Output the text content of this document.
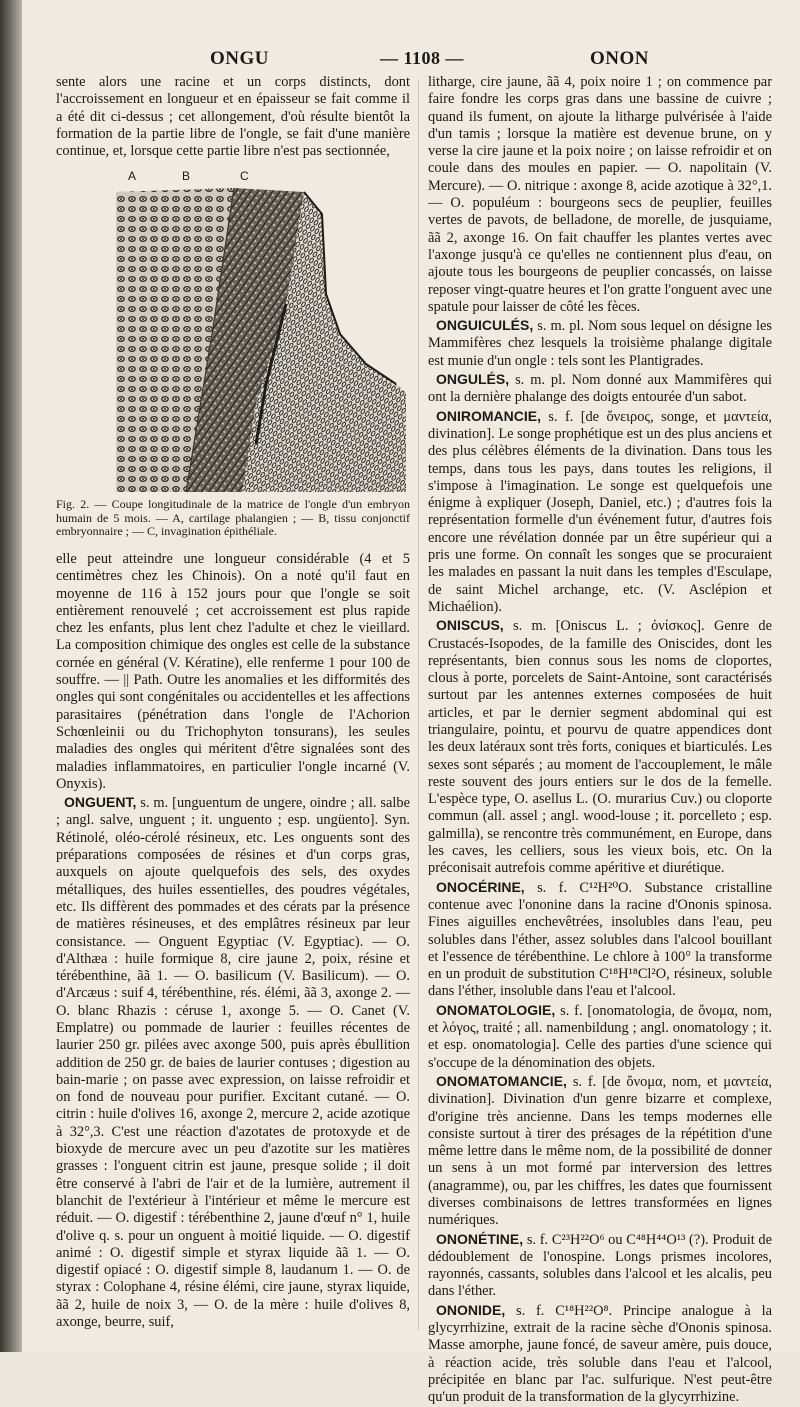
ONGU	— 1108 —	ONON

sente alors une racine et un corps distincts, dont l'accroissement en longueur et en épaisseur se fait comme il a été dit ci-dessus ; cet allongement, d'où résulte bientôt la formation de la partie libre de l'ongle, se fait d'une manière continue, et, lorsque cette partie libre n'est pas sectionnée,

A	B	C
Fig. 2. — Coupe longitudinale de la matrice de l'ongle d'un embryon humain de 5 mois. — A, cartilage phalangien ; — B, tissu conjonctif embryonnaire ; — C, invagination épithéliale.

elle peut atteindre une longueur considérable (4 et 5 centimètres chez les Chinois). On a noté qu'il faut en moyenne de 116 à 152 jours pour que l'ongle se soit entièrement renouvelé ; cet accroissement est plus rapide chez les enfants, plus lent chez l'adulte et chez le vieillard. La composition chimique des ongles est celle de la substance cornée en général (V. Kératine), elle renferme 1 pour 100 de souffre. — || Path. Outre les anomalies et les difformités des ongles qui sont congénitales ou accidentelles et les affections parasitaires (pénétration dans l'ongle de l'Achorion Schœnleinii ou du Trichophyton tonsurans), les seules maladies des ongles qui méritent d'être signalées sont des maladies inflammatoires, en particulier l'ongle incarné (V. Onyxis).

ONGUENT, s. m. [unguentum de ungere, oindre ; all. salbe ; angl. salve, unguent ; it. unguento ; esp. ungüento]. Syn. Rétinolé, oléo-cérolé résineux, etc. Les onguents sont des préparations composées de résines et d'un corps gras, auxquels on ajoute quelquefois des sels, des oxydes métalliques, des huiles essentielles, des poudres végétales, etc. Ils diffèrent des pommades et des cérats par la présence de matières résineuses, et des emplâtres résineux par leur consistance. — Onguent Egyptiac (V. Egyptiac). — O. d'Althæa : huile formique 8, cire jaune 2, poix, résine et térébenthine, ãã 1. — O. basilicum (V. Basilicum). — O. d'Arcæus : suif 4, térébenthine, rés. élémi, ãã 3, axonge 2. — O. blanc Rhazis : céruse 1, axonge 5. — O. Canet (V. Emplatre) ou pommade de laurier : feuilles récentes de laurier 250 gr. pilées avec axonge 500, puis après ébullition addition de 250 gr. de baies de laurier contuses ; digestion au bain-marie ; on passe avec expression, on laisse refroidir et on fond de nouveau pour purifier. Excitant cutané. — O. citrin : huile d'olives 16, axonge 2, mercure 2, acide azotique à 32°,3. C'est une réaction d'azotates de protoxyde et de bioxyde de mercure avec un peu d'azotite sur les matières grasses : l'onguent citrin est jaune, presque solide ; il doit être conservé à l'abri de l'air et de la lumière, autrement il blanchit de l'extérieur à l'intérieur et même le mercure est réduit. — O. digestif : térébenthine 2, jaune d'œuf n° 1, huile d'olive q. s. pour un onguent à moitié liquide. — O. digestif animé : O. digestif simple et styrax liquide ãã 1. — O. digestif opiacé : O. digestif simple 8, laudanum 1. — O. de styrax : Colophane 4, résine élémi, cire jaune, styrax liquide, ãã 2, huile de noix 3, — O. de la mère : huile d'olives 8, axonge, beurre, suif,

litharge, cire jaune, ãã 4, poix noire 1 ; on commence par faire fondre les corps gras dans une bassine de cuivre ; quand ils fument, on ajoute la litharge pulvérisée à l'aide d'un tamis ; lorsque la matière est devenue brune, on y verse la cire jaune et la poix noire ; on laisse refroidir et on coule dans des moules en papier. — O. napolitain (V. Mercure). — O. nitrique : axonge 8, acide azotique à 32°,1. — O. populéum : bourgeons secs de peuplier, feuilles vertes de pavots, de belladone, de morelle, de jusquiame, ãã 2, axonge 16. On fait chauffer les plantes vertes avec l'axonge jusqu'à ce qu'elles ne contiennent plus d'eau, on ajoute tous les bourgeons de peuplier concassés, on laisse reposer vingt-quatre heures et l'on gratte l'onguent avec une spatule pour laisser de côté les fèces.

ONGUICULÉS, s. m. pl. Nom sous lequel on désigne les Mammifères chez lesquels la troisième phalange digitale est munie d'un ongle : tels sont les Plantigrades.

ONGULÉS, s. m. pl. Nom donné aux Mammifères qui ont la dernière phalange des doigts entourée d'un sabot.

ONIROMANCIE, s. f. [de ὄνειρος, songe, et μαντεία, divination]. Le songe prophétique est un des plus anciens et des plus célèbres éléments de la divination. Dans tous les temps, dans tous les pays, dans toutes les religions, il s'impose à l'imagination. Le songe est quelquefois une énigme à expliquer (Joseph, Daniel, etc.) ; d'autres fois la représentation formelle d'un événement futur, d'autres fois encore une révélation donnée par un être supérieur qui a pris une forme. On connaît les songes que se procuraient les malades en passant la nuit dans les temples d'Esculape, de saint Michel archange, etc. (V. Asclépion et Michaélion).

ONISCUS, s. m. [Oniscus L. ; ὀνίσκος]. Genre de Crustacés-Isopodes, de la famille des Oniscides, dont les représentants, bien connus sous les noms de cloportes, clous à porte, porcelets de Saint-Antoine, sont caractérisés surtout par les antennes externes composées de huit articles, et par le dernier segment abdominal qui est triangulaire, pointu, et pourvu de quatre appendices dont les deux latéraux sont très forts, coniques et biarticulés. Les sexes sont séparés ; au moment de l'accouplement, le mâle reste souvent des jours entiers sur le dos de la femelle. L'espèce type, O. asellus L. (O. murarius Cuv.) ou cloporte commun (all. assel ; angl. wood-louse ; it. porcelleto ; esp. galmilla), se rencontre très communément, en Europe, dans les caves, les celliers, sous les vieux bois, etc. On la préconisait autrefois comme apéritive et diurétique.

ONOCÉRINE, s. f. C¹²H²⁰O. Substance cristalline contenue avec l'ononine dans la racine d'Ononis spinosa. Fines aiguilles enchevêtrées, insolubles dans l'eau, peu solubles dans l'éther, assez solubles dans l'alcool bouillant et l'essence de térébenthine. Le chlore à 100° la transforme en un produit de substitution C¹⁸H¹⁸Cl²O, résineux, soluble dans l'éther, insoluble dans l'eau et l'alcool.

ONOMATOLOGIE, s. f. [onomatologia, de ὄνομα, nom, et λόγος, traité ; all. namenbildung ; angl. onomatology ; it. et esp. onomatologia]. Celle des parties d'une science qui s'occupe de la dénomination des objets.

ONOMATOMANCIE, s. f. [de ὄνομα, nom, et μαντεία, divination]. Divination d'un genre bizarre et complexe, d'origine très ancienne. Dans les temps modernes elle consiste surtout à tirer des présages de la répétition d'une même lettre dans le même nom, de la possibilité de donner un sens à un mot formé par interversion des lettres (anagramme), ou, par les chiffres, les dates que fournissent diverses combinaisons de lettres transformées en lignes numériques.

ONONÉTINE, s. f. C²³H²²O⁶ ou C⁴⁸H⁴⁴O¹³ (?). Produit de dédoublement de l'onospine. Longs prismes incolores, rayonnés, cassants, solubles dans l'alcool et les alcalis, peu dans l'éther.

ONONIDE, s. f. C¹⁸H²²O⁸. Principe analogue à la glycyrrhizine, extrait de la racine sèche d'Ononis spinosa. Masse amorphe, jaune foncé, de saveur amère, puis douce, à réaction acide, très soluble dans l'eau et l'alcool, précipitée en blanc par l'ac. sulfurique. N'est peut-être qu'un produit de la transformation de la glycyrrhizine.
